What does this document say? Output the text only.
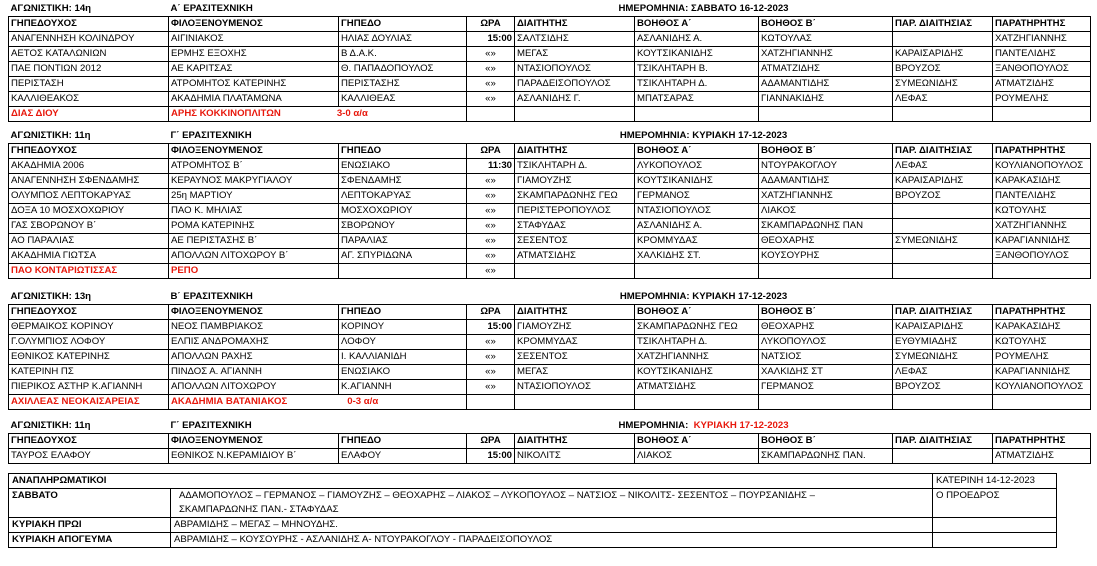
ΑΓΩΝΙΣΤΙΚΗ: 14η	Α΄ ΕΡΑΣΙΤΕΧΝΙΚΗ			ΗΜΕΡΟΜΗΝΙΑ: ΣΑΒΒΑΤΟ 16-12-2023				
ΓΗΠΕΔΟΥΧΟΣ	ΦΙΛΟΞΕΝΟΥΜΕΝΟΣ	ΓΗΠΕΔΟ	ΩΡΑ	ΔΙΑΙΤΗΤΗΣ	ΒΟΗΘΟΣ Α΄	ΒΟΗΘΟΣ Β΄	ΠΑΡ. ΔΙΑΙΤΗΣΙΑΣ	ΠΑΡΑΤΗΡΗΤΗΣ
ΑΝΑΓΕΝΝΗΣΗ ΚΟΛΙΝΔΡΟΥ	ΑΙΓΙΝΙΑΚΟΣ	ΗΛΙΑΣ ΔΟΥΛΙΑΣ	15:00	ΣΑΛΤΣΙΔΗΣ	ΑΣΛΑΝΙΔΗΣ Α.	ΚΩΤΟΥΛΑΣ		ΧΑΤΖΗΓΙΑΝΝΗΣ
ΑΕΤΟΣ ΚΑΤΑΛΩΝΙΩΝ	ΕΡΜΗΣ ΕΞΟΧΗΣ	Β Δ.Α.Κ.	«»	ΜΕΓΑΣ	ΚΟΥΤΣΙΚΑΝΙΔΗΣ	ΧΑΤΖΗΓΙΑΝΝΗΣ	ΚΑΡΑΙΣΑΡΙΔΗΣ	ΠΑΝΤΕΛΙΔΗΣ
ΠΑΕ ΠΟΝΤΙΩΝ 2012	ΑΕ ΚΑΡΙΤΣΑΣ	Θ. ΠΑΠΑΔΟΠΟΥΛΟΣ	«»	ΝΤΑΣΙΟΠΟΥΛΟΣ	ΤΣΙΚΛΗΤΑΡΗ Β.	ΑΤΜΑΤΖΙΔΗΣ	ΒΡΟΥΖΟΣ	ΞΑΝΘΟΠΟΥΛΟΣ
ΠΕΡΙΣΤΑΣΗ	ΑΤΡΟΜΗΤΟΣ ΚΑΤΕΡΙΝΗΣ	ΠΕΡΙΣΤΑΣΗΣ	«»	ΠΑΡΑΔΕΙΣΟΠΟΥΛΟΣ	ΤΣΙΚΛΗΤΑΡΗ Δ.	ΑΔΑΜΑΝΤΙΔΗΣ	ΣΥΜΕΩΝΙΔΗΣ	ΑΤΜΑΤΖΙΔΗΣ
ΚΑΛΛΙΘΕΑΚΟΣ	ΑΚΑΔΗΜΙΑ ΠΛΑΤΑΜΩΝΑ	ΚΑΛΛΙΘΕΑΣ	«»	ΑΣΛΑΝΙΔΗΣ Γ.	ΜΠΑΤΣΑΡΑΣ	ΓΙΑΝΝΑΚΙΔΗΣ	ΛΕΦΑΣ	ΡΟΥΜΕΛΗΣ
ΔΙΑΣ ΔΙΟΥ	ΑΡΗΣ ΚΟΚΚΙΝΟΠΛΙΤΩΝ 3-0 α/α							
ΑΓΩΝΙΣΤΙΚΗ: 11η	Γ΄ ΕΡΑΣΙΤΕΧΝΙΚΗ			ΗΜΕΡΟΜΗΝΙΑ: ΚΥΡΙΑΚΗ 17-12-2023				
ΓΗΠΕΔΟΥΧΟΣ	ΦΙΛΟΞΕΝΟΥΜΕΝΟΣ	ΓΗΠΕΔΟ	ΩΡΑ	ΔΙΑΙΤΗΤΗΣ	ΒΟΗΘΟΣ Α΄	ΒΟΗΘΟΣ Β΄	ΠΑΡ. ΔΙΑΙΤΗΣΙΑΣ	ΠΑΡΑΤΗΡΗΤΗΣ
ΑΚΑΔΗΜΙΑ 2006	ΑΤΡΟΜΗΤΟΣ Β΄	ΕΝΩΣΙΑΚΟ	11:30	ΤΣΙΚΛΗΤΑΡΗ Δ.	ΛΥΚΟΠΟΥΛΟΣ	ΝΤΟΥΡΑΚΟΓΛΟΥ	ΛΕΦΑΣ	ΚΟΥΛΙΑΝΟΠΟΥΛΟΣ
ΑΝΑΓΕΝΝΗΣΗ ΣΦΕΝΔΑΜΗΣ	ΚΕΡΑΥΝΟΣ ΜΑΚΡΥΓΙΑΛΟΥ	ΣΦΕΝΔΑΜΗΣ	«»	ΓΙΑΜΟΥΖΗΣ	ΚΟΥΤΣΙΚΑΝΙΔΗΣ	ΑΔΑΜΑΝΤΙΔΗΣ	ΚΑΡΑΙΣΑΡΙΔΗΣ	ΚΑΡΑΚΑΣΙΔΗΣ
ΟΛΥΜΠΟΣ ΛΕΠΤΟΚΑΡΥΑΣ	25η ΜΑΡΤΙΟΥ	ΛΕΠΤΟΚΑΡΥΑΣ	«»	ΣΚΑΜΠΑΡΔΩΝΗΣ ΓΕΩ	ΓΕΡΜΑΝΟΣ	ΧΑΤΖΗΓΙΑΝΝΗΣ	ΒΡΟΥΖΟΣ	ΠΑΝΤΕΛΙΔΗΣ
ΔΟΞΑ 10 ΜΟΣΧΟΧΩΡΙΟΥ	ΠΑΟ Κ. ΜΗΛΙΑΣ	ΜΟΣΧΟΧΩΡΙΟΥ	«»	ΠΕΡΙΣΤΕΡΟΠΟΥΛΟΣ	ΝΤΑΣΙΟΠΟΥΛΟΣ	ΛΙΑΚΟΣ		ΚΩΤΟΥΛΗΣ
ΓΑΣ ΣΒΟΡΩΝΟΥ Β΄	ΡΟΜΑ ΚΑΤΕΡΙΝΗΣ	ΣΒΟΡΩΝΟΥ	«»	ΣΤΑΦΥΔΑΣ	ΑΣΛΑΝΙΔΗΣ Α.	ΣΚΑΜΠΑΡΔΩΝΗΣ ΠΑΝ		ΧΑΤΖΗΓΙΑΝΝΗΣ
ΑΟ ΠΑΡΑΛΙΑΣ	ΑΕ ΠΕΡΙΣΤΑΣΗΣ Β΄	ΠΑΡΑΛΙΑΣ	«»	ΣΕΣΕΝΤΟΣ	ΚΡΟΜΜΥΔΑΣ	ΘΕΟΧΑΡΗΣ	ΣΥΜΕΩΝΙΔΗΣ	ΚΑΡΑΓΙΑΝΝΙΔΗΣ
ΑΚΑΔΗΜΙΑ ΓΙΩΤΣΑ	ΑΠΟΛΛΩΝ ΛΙΤΟΧΩΡΟΥ Β΄	ΑΓ. ΣΠΥΡΙΔΩΝΑ	«»	ΑΤΜΑΤΣΙΔΗΣ	ΧΑΛΚΙΔΗΣ ΣΤ.	ΚΟΥΣΟΥΡΗΣ		ΞΑΝΘΟΠΟΥΛΟΣ
ΠΑΟ ΚΟΝΤΑΡΙΩΤΙΣΣΑΣ	ΡΕΠΟ		«»					
ΑΓΩΝΙΣΤΙΚΗ: 13η	Β΄ ΕΡΑΣΙΤΕΧΝΙΚΗ			ΗΜΕΡΟΜΗΝΙΑ: ΚΥΡΙΑΚΗ 17-12-2023				
ΓΗΠΕΔΟΥΧΟΣ	ΦΙΛΟΞΕΝΟΥΜΕΝΟΣ	ΓΗΠΕΔΟ	ΩΡΑ	ΔΙΑΙΤΗΤΗΣ	ΒΟΗΘΟΣ Α΄	ΒΟΗΘΟΣ Β΄	ΠΑΡ. ΔΙΑΙΤΗΣΙΑΣ	ΠΑΡΑΤΗΡΗΤΗΣ
ΘΕΡΜΑΙΚΟΣ ΚΟΡΙΝΟΥ	ΝΕΟΣ ΠΑΜΒΡΙΑΚΟΣ	ΚΟΡΙΝΟΥ	15:00	ΓΙΑΜΟΥΖΗΣ	ΣΚΑΜΠΑΡΔΩΝΗΣ ΓΕΩ	ΘΕΟΧΑΡΗΣ	ΚΑΡΑΙΣΑΡΙΔΗΣ	ΚΑΡΑΚΑΣΙΔΗΣ
Γ.ΟΛΥΜΠΙΟΣ ΛΟΦΟΥ	ΕΛΠΙΣ ΑΝΔΡΟΜΑΧΗΣ	ΛΟΦΟΥ	«»	ΚΡΟΜΜΥΔΑΣ	ΤΣΙΚΛΗΤΑΡΗ Δ.	ΛΥΚΟΠΟΥΛΟΣ	ΕΥΘΥΜΙΑΔΗΣ	ΚΩΤΟΥΛΗΣ
ΕΘΝΙΚΟΣ ΚΑΤΕΡΙΝΗΣ	ΑΠΟΛΛΩΝ ΡΑΧΗΣ	Ι. ΚΑΛΛΙΑΝΙΔΗ	«»	ΣΕΣΕΝΤΟΣ	ΧΑΤΖΗΓΙΑΝΝΗΣ	ΝΑΤΣΙΟΣ	ΣΥΜΕΩΝΙΔΗΣ	ΡΟΥΜΕΛΗΣ
ΚΑΤΕΡΙΝΗ ΠΣ	ΠΙΝΔΟΣ Α. ΑΓΙΑΝΝΗ	ΕΝΩΣΙΑΚΟ	«»	ΜΕΓΑΣ	ΚΟΥΤΣΙΚΑΝΙΔΗΣ	ΧΑΛΚΙΔΗΣ ΣΤ	ΛΕΦΑΣ	ΚΑΡΑΓΙΑΝΝΙΔΗΣ
ΠΙΕΡΙΚΟΣ ΑΣΤΗΡ Κ.ΑΓΙΑΝΝΗ	ΑΠΟΛΛΩΝ ΛΙΤΟΧΩΡΟΥ	Κ.ΑΓΙΑΝΝΗ	«»	ΝΤΑΣΙΟΠΟΥΛΟΣ	ΑΤΜΑΤΣΙΔΗΣ	ΓΕΡΜΑΝΟΣ	ΒΡΟΥΖΟΣ	ΚΟΥΛΙΑΝΟΠΟΥΛΟΣ
ΑΧΙΛΛΕΑΣ ΝΕΟΚΑΙΣΑΡΕΙΑΣ	ΑΚΑΔΗΜΙΑ ΒΑΤΑΝΙΑΚΟΣ 0-3 α/α							
ΑΓΩΝΙΣΤΙΚΗ: 11η	Γ΄ ΕΡΑΣΙΤΕΧΝΙΚΗ			ΗΜΕΡΟΜΗΝΙΑ: ΚΥΡΙΑΚΗ 17-12-2023				
ΓΗΠΕΔΟΥΧΟΣ	ΦΙΛΟΞΕΝΟΥΜΕΝΟΣ	ΓΗΠΕΔΟ	ΩΡΑ	ΔΙΑΙΤΗΤΗΣ	ΒΟΗΘΟΣ Α΄	ΒΟΗΘΟΣ Β΄	ΠΑΡ. ΔΙΑΙΤΗΣΙΑΣ	ΠΑΡΑΤΗΡΗΤΗΣ
ΤΑΥΡΟΣ ΕΛΑΦΟΥ	ΕΘΝΙΚΟΣ Ν.ΚΕΡΑΜΙΔΙΟΥ Β΄	ΕΛΑΦΟΥ	15:00	ΝΙΚΟΛΙΤΣ	ΛΙΑΚΟΣ	ΣΚΑΜΠΑΡΔΩΝΗΣ ΠΑΝ.		ΑΤΜΑΤΖΙΔΗΣ
ΑΝΑΠΛΗΡΩΜΑΤΙΚΟΙ		ΚΑΤΕΡΙΝΗ 14-12-2023
ΣΑΒΒΑΤΟ	ΑΔΑΜΟΠΟΥΛΟΣ – ΓΕΡΜΑΝΟΣ – ΓΙΑΜΟΥΖΗΣ – ΘΕΟΧΑΡΗΣ – ΛΙΑΚΟΣ – ΛΥΚΟΠΟΥΛΟΣ – ΝΑΤΣΙΟΣ – ΝΙΚΟΛΙΤΣ- ΣΕΣΕΝΤΟΣ – ΠΟΥΡΣΑΝΙΔΗΣ –
ΣΚΑΜΠΑΡΔΩΝΗΣ ΠΑΝ.- ΣΤΑΦΥΔΑΣ	Ο ΠΡΟΕΔΡΟΣ
ΚΥΡΙΑΚΗ ΠΡΩΙ	ΑΒΡΑΜΙΔΗΣ – ΜΕΓΑΣ – ΜΗΝΟΥΔΗΣ.	
ΚΥΡΙΑΚΗ ΑΠΟΓΕΥΜΑ	ΑΒΡΑΜΙΔΗΣ – ΚΟΥΣΟΥΡΗΣ - ΑΣΛΑΝΙΔΗΣ Α- ΝΤΟΥΡΑΚΟΓΛΟΥ - ΠΑΡΑΔΕΙΣΟΠΟΥΛΟΣ	
